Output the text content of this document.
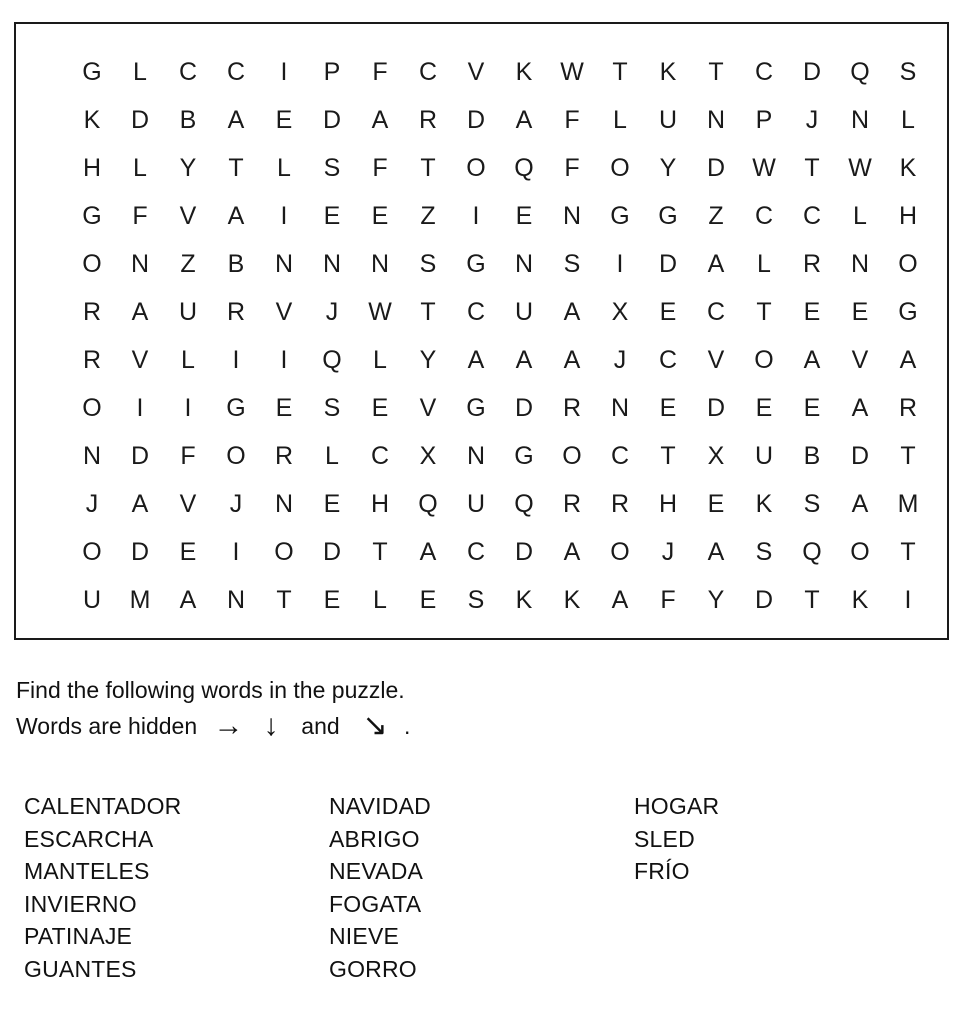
G	L	C	C	I	P	F	C	V	K	W	T	K	T	C	D	Q	S
K	D	B	A	E	D	A	R	D	A	F	L	U	N	P	J	N	L
H	L	Y	T	L	S	F	T	O	Q	F	O	Y	D	W	T	W	K
G	F	V	A	I	E	E	Z	I	E	N	G	G	Z	C	C	L	H
O	N	Z	B	N	N	N	S	G	N	S	I	D	A	L	R	N	O
R	A	U	R	V	J	W	T	C	U	A	X	E	C	T	E	E	G
R	V	L	I	I	Q	L	Y	A	A	A	J	C	V	O	A	V	A
O	I	I	G	E	S	E	V	G	D	R	N	E	D	E	E	A	R
N	D	F	O	R	L	C	X	N	G	O	C	T	X	U	B	D	T
J	A	V	J	N	E	H	Q	U	Q	R	R	H	E	K	S	A	M
O	D	E	I	O	D	T	A	C	D	A	O	J	A	S	Q	O	T
U	M	A	N	T	E	L	E	S	K	K	A	F	Y	D	T	K	I
Find the following words in the puzzle.
Words are hidden → ↓ and ↘ .
CALENTADOR
ESCARCHA
MANTELES
INVIERNO
PATINAJE
GUANTES
NAVIDAD
ABRIGO
NEVADA
FOGATA
NIEVE
GORRO
HOGAR
SLED
FRÍO
